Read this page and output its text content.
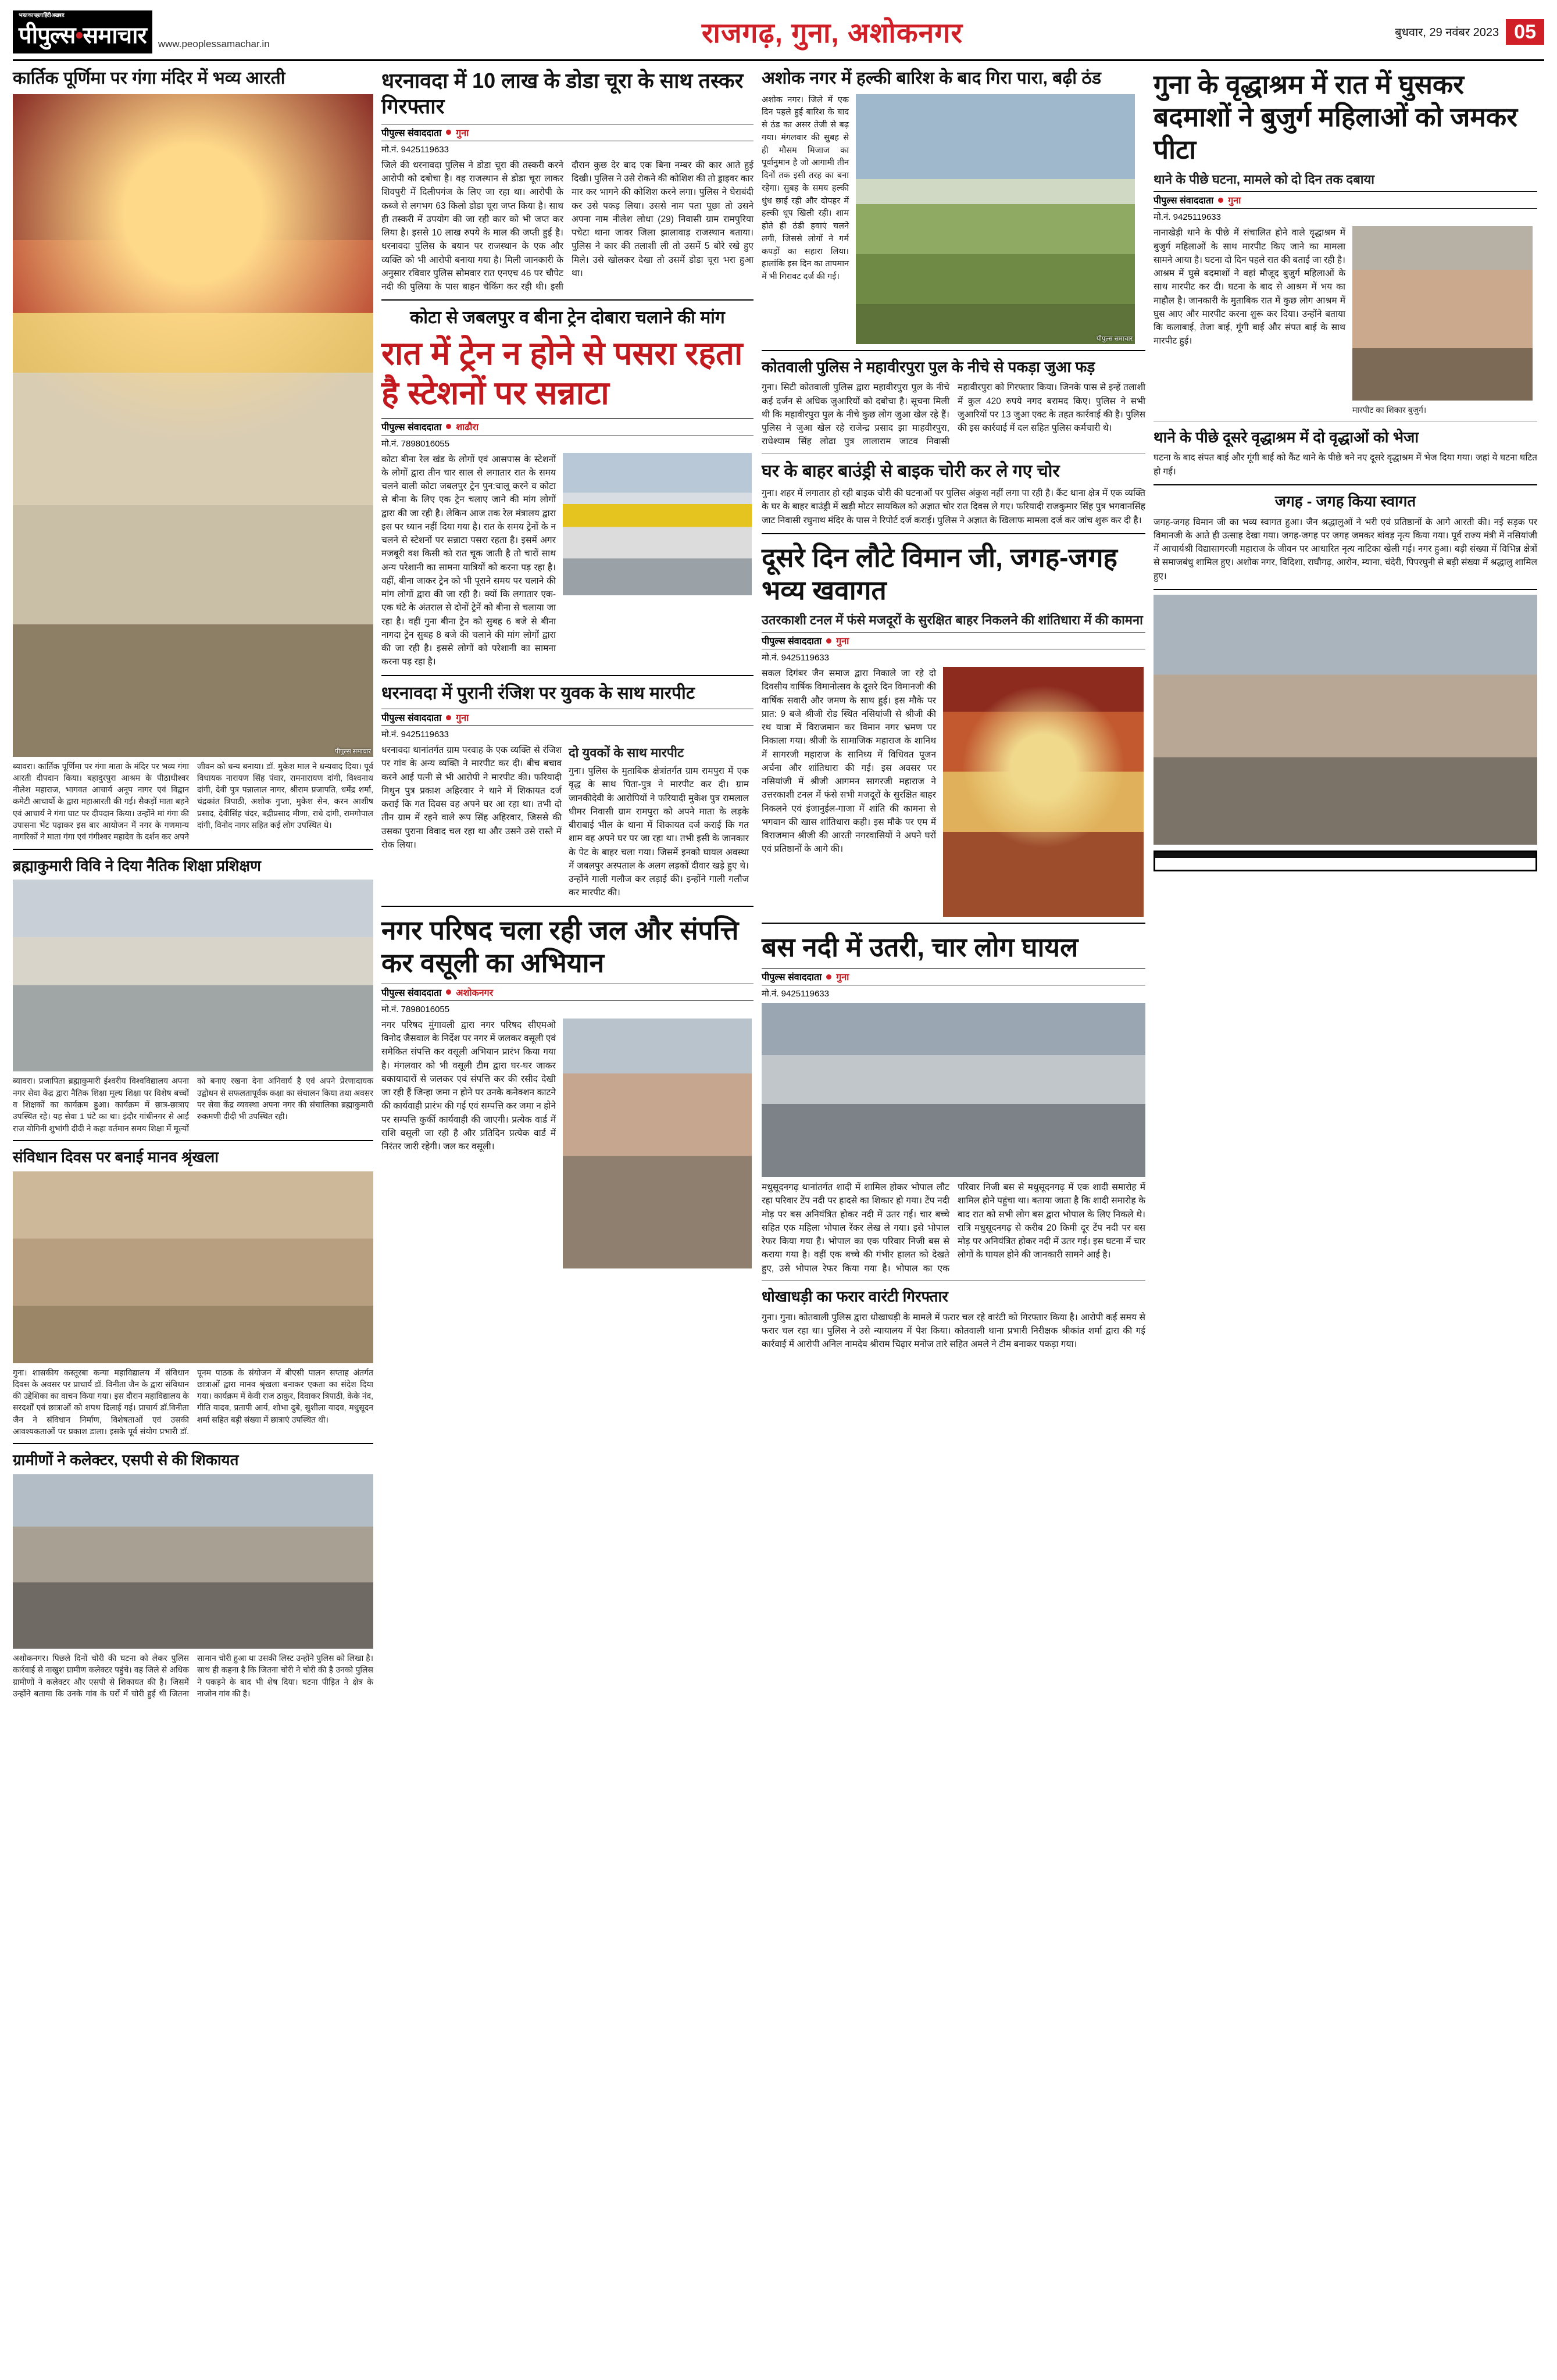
भारत का पहला हिंदी अखबार
पीपुल्स•समाचार www.peoplessamachar.in	राजगढ़, गुना, अशोकनगर	बुधवार, 29 नवंबर 2023 05
कार्तिक पूर्णिमा पर गंगा मंदिर में भव्य आरती
पीपुल्स समाचार
ब्यावरा। कार्तिक पूर्णिमा पर गंगा माता के मंदिर पर भव्य गंगा आरती दीपदान किया। बहादुरपुरा आश्रम के पीठाधीश्वर नीलेश महाराज, भागवत आचार्य अनूप नागर एवं विद्वान कमेटी आचार्यो के द्वारा महाआरती की गई। सैकड़ों माता बहने एवं आचार्य ने गंगा घाट पर दीपदान किया। उन्होंने मां गंगा की उपासना भेंट पढ़ाकर इस बार आयोजन में नगर के गणमान्य नागरिकों ने माता गंगा एवं गंगीश्वर महादेव के दर्शन कर अपने जीवन को धन्य बनाया। डॉ. मुकेश माल ने धन्यवाद दिया। पूर्व विधायक नारायण सिंह पंवार, रामनारायण दांगी, विश्वनाथ दांगी, देवी पुत्र पन्नालाल नागर, श्रीराम प्रजापति, धर्मेंद्र शर्मा, चंद्रकांत त्रिपाठी, अशोक गुप्ता, मुकेश सेन, करन आशीष प्रसाद, देवीसिंह चंदर, बद्रीप्रसाद मीणा, राधे दांगी, रामगोपाल दांगी, विनोद नागर सहित कई लोग उपस्थित थे।
ब्रह्माकुमारी विवि ने दिया नैतिक शिक्षा प्रशिक्षण
ब्यावरा। प्रजापिता ब्रह्माकुमारी ईश्वरीय विश्वविद्यालय अपना नगर सेवा केंद्र द्वारा नैतिक शिक्षा मूल्य शिक्षा पर विशेष बच्चों व शिक्षकों का कार्यक्रम हुआ। कार्यक्रम में छात्र-छात्राए उपस्थित रहे। यह सेवा 1 घंटे का था। इंदौर गांधीनगर से आई राज योगिनी शुभांगी दीदी ने कहा वर्तमान समय शिक्षा में मूल्यों को बनाए रखना देना अनिवार्य है एवं अपने प्रेरणादायक उद्बोधन से सफलतापूर्वक कक्षा का संचालन किया तथा अवसर पर सेवा केंद्र व्यवस्था अपना नगर की संचालिका ब्रह्माकुमारी रुकमणी दीदी भी उपस्थित रही।
संविधान दिवस पर बनाई मानव श्रृंखला
गुना। शासकीय कस्तूरबा कन्या महाविद्यालय में संविधान दिवस के अवसर पर प्राचार्य डॉ. विनीता जैन के द्वारा संविधान की उद्देशिका का वाचन किया गया। इस दौरान महाविद्यालय के सरदर्शों एवं छात्राओं को शपथ दिलाई गई। प्राचार्य डॉ.विनीता जैन ने संविधान निर्माण, विशेषताओं एवं उसकी आवश्यकताओं पर प्रकाश डाला। इसके पूर्व संयोग प्रभारी डॉ. पूनम पाठक के संयोजन में बीएसी पालन सप्ताह अंतर्गत छात्राओं द्वारा मानव श्रृंखला बनाकर एकता का संदेश दिया गया। कार्यक्रम में केवी राज ठाकुर, दिवाकर त्रिपाठी, केके नंद, गीति यादव, प्रतापी आर्य, शोभा दुबे, सुशीला यादव, मधुसूदन शर्मा सहित बड़ी संख्या में छात्राएं उपस्थित थी।
ग्रामीणों ने कलेक्टर, एसपी से की शिकायत
अशोकनगर। पिछले दिनों चोरी की घटना को लेकर पुलिस कार्रवाई से नाखुश ग्रामीण कलेक्टर पहुंचे। वह जिले से अधिक ग्रामीणों ने कलेक्टर और एसपी से शिकायत की है। जिसमें उन्होंने बताया कि उनके गांव के घरों में चोरी हुई थी जितना सामान चोरी हुआ था उसकी लिस्ट उन्होंने पुलिस को लिखा है। साथ ही कहना है कि जितना चोरी ने चोरी की है उनको पुलिस ने पकड़ने के बाद भी शेष दिया। घटना पीड़ित ने क्षेत्र के नाजोन गांव की है।
धरनावदा में 10 लाख के डोडा चूरा के साथ तस्कर गिरफ्तार
पीपुल्स संवाददाता गुना
मो.नं. 9425119633
जिले की धरनावदा पुलिस ने डोडा चूरा की तस्करी करने आरोपी को दबोचा है। वह राजस्थान से डोडा चूरा लाकर शिवपुरी में दिलीपगंज के लिए जा रहा था। आरोपी के कब्जे से लगभग 63 किलो डोडा चूरा जप्त किया है। साथ ही तस्करी में उपयोग की जा रही कार को भी जप्त कर लिया है। इससे 10 लाख रुपये के माल की जप्ती हुई है। धरनावदा पुलिस के बयान पर राजस्थान के एक और व्यक्ति को भी आरोपी बनाया गया है। मिली जानकारी के अनुसार रविवार पुलिस सोमवार रात एनएच 46 पर चौपेट नदी की पुलिया के पास बाहन चेकिंग कर रही थी। इसी दौरान कुछ देर बाद एक बिना नम्बर की कार आते हुई दिखी। पुलिस ने उसे रोकने की कोशिश की तो ड्राइवर कार मार कर भागने की कोशिश करने लगा। पुलिस ने घेराबंदी कर उसे पकड़ लिया। उससे नाम पता पूछा तो उसने अपना नाम नीलेश लोधा (29) निवासी ग्राम रामपुरिया पचेटा थाना जावर जिला झालावाड़ राजस्थान बताया। पुलिस ने कार की तलाशी ली तो उसमें 5 बोरे रखे हुए मिले। उसे खोलकर देखा तो उसमें डोडा चूरा भरा हुआ था।
कोटा से जबलपुर व बीना ट्रेन दोबारा चलाने की मांग
रात में ट्रेन न होने से पसरा रहता है स्टेशनों पर सन्नाटा
पीपुल्स संवाददाता शाढौरा
मो.नं. 7898016055
कोटा बीना रेल खंड के लोगों एवं आसपास के स्टेशनों के लोगों द्वारा तीन चार साल से लगातार रात के समय चलने वाली कोटा जबलपुर ट्रेन पुन:चालू करने व कोटा से बीना के लिए एक ट्रेन चलाए जाने की मांग लोगों द्वारा की जा रही है। लेकिन आज तक रेल मंत्रालय द्वारा इस पर ध्यान नहीं दिया गया है। रात के समय ट्रेनों के न चलने से स्टेशनों पर सन्नाटा पसरा रहता है। इसमें अगर मजबूरी वश किसी को रात चूक जाती है तो चारों साथ अन्य परेशानी का सामना यात्रियों को करना पड़ रहा है। वहीं, बीना जाकर ट्रेन को भी पूराने समय पर चलाने की मांग लोगों द्वारा की जा रही है। क्यों कि लगातार एक-एक घंटे के अंतराल से दोनों ट्रेनें को बीना से चलाया जा रहा है। वहीं गुना बीना ट्रेन को सुबह 6 बजे से बीना नागदा ट्रेन सुबह 8 बजे की चलाने की मांग लोगों द्वारा की जा रही है। इससे लोगों को परेशानी का सामना करना पड़ रहा है।
धरनावदा में पुरानी रंजिश पर युवक के साथ मारपीट
पीपुल्स संवाददाता गुना
मो.नं. 9425119633
धरनावदा थानांतर्गत ग्राम परवाह के एक व्यक्ति से रंजिश पर गांव के अन्य व्यक्ति ने मारपीट कर दी। बीच बचाव करने आई पत्नी से भी आरोपी ने मारपीट की। फरियादी मिथुन पुत्र प्रकाश अहिरवार ने थाने में शिकायत दर्ज कराई कि गत दिवस वह अपने घर आ रहा था। तभी दो तीन ग्राम में रहने वाले रूप सिंह अहिरवार, जिससे की उसका पुराना विवाद चल रहा था और उसने उसे रास्ते में रोक लिया।
दो युवकों के साथ मारपीट
गुना। पुलिस के मुताबिक क्षेत्रांतर्गत ग्राम रामपुरा में एक वृद्ध के साथ पिता-पुत्र ने मारपीट कर दी। ग्राम जानकीदेवी के आरोपियों ने फरियादी मुकेश पुत्र रामलाल धीमर निवासी ग्राम रामपुरा को अपने माता के लड़के बीराबाई भील के थाना में शिकायत दर्ज कराई कि गत शाम वह अपने घर पर जा रहा था। तभी इसी के जानकार के पेट के बाहर चला गया। जिसमें इनको घायल अवस्था में जबलपुर अस्पताल के अलग लड़कों दीवार खड़े हुए थे। उन्होंने गाली गलौज कर लड़ाई की। इन्होंने गाली गलौज कर मारपीट की।
नगर परिषद चला रही जल और संपत्ति कर वसूली का अभियान
पीपुल्स संवाददाता अशोकनगर
मो.नं. 7898016055
नगर परिषद मुंगावली द्वारा नगर परिषद सीएमओ विनोद जैसवाल के निर्देश पर नगर में जलकर वसूली एवं समेकित संपत्ति कर वसूली अभियान प्रारंभ किया गया है। मंगलवार को भी वसूली टीम द्वारा घर-घर जाकर बकायादारों से जलकर एवं संपत्ति कर की रसीद देखी जा रही हैं जिन्हा जमा न होने पर उनके कनेक्शन काटने की कार्यवाही प्रारंभ की गई एवं सम्पत्ति कर जमा न होने पर सम्पत्ति कुर्की कार्यवाही की जाएगी। प्रत्येक वार्ड में राशि वसूली जा रही है और प्रतिदिन प्रत्येक वार्ड में निरंतर जारी रहेगी। जल कर वसूली।
अशोक नगर में हल्की बारिश के बाद गिरा पारा, बढ़ी ठंड
अशोक नगर। जिले में एक दिन पहले हुई बारिश के बाद से ठंड का असर तेजी से बढ़ गया। मंगलवार की सुबह से ही मौसम मिजाज का पूर्वानुमान है जो आगामी तीन दिनों तक इसी तरह का बना रहेगा। सुबह के समय हल्की धुंध छाई रही और दोपहर में हल्की धूप खिली रही। शाम होते ही ठंडी हवाएं चलने लगी, जिससे लोगों ने गर्म कपड़ों का सहारा लिया। हालांकि इस दिन का तापमान में भी गिरावट दर्ज की गई।
पीपुल्स समाचार
कोतवाली पुलिस ने महावीरपुरा पुल के नीचे से पकड़ा जुआ फड़
गुना। सिटी कोतवाली पुलिस द्वारा महावीरपुरा पुल के नीचे कई दर्जन से अधिक जुआरियों को दबोचा है। सूचना मिली थी कि महावीरपुरा पुल के नीचे कुछ लोग जुआ खेल रहे हैं। पुलिस ने जुआ खेल रहे राजेन्द्र प्रसाद झा माहवीरपुरा, राधेश्याम सिंह लोढा पुत्र लालाराम जाटव निवासी महावीरपुरा को गिरफ्तार किया। जिनके पास से इन्हें तलाशी में कुल 420 रुपये नगद बरामद किए। पुलिस ने सभी जुआरियों पर 13 जुआ एक्ट के तहत कार्रवाई की है। पुलिस की इस कार्रवाई में दल सहित पुलिस कर्मचारी थे।
घर के बाहर बाउंड्री से बाइक चोरी कर ले गए चोर
गुना। शहर में लगातार हो रही बाइक चोरी की घटनाओं पर पुलिस अंकुश नहीं लगा पा रही है। कैंट थाना क्षेत्र में एक व्यक्ति के घर के बाहर बाउंड्री में खड़ी मोटर सायकिल को अज्ञात चोर रात दिवस ले गए। फरियादी राजकुमार सिंह पुत्र भगवानसिंह जाट निवासी रघुनाथ मंदिर के पास ने रिपोर्ट दर्ज कराई। पुलिस ने अज्ञात के खिलाफ मामला दर्ज कर जांच शुरू कर दी है।
दूसरे दिन लौटे विमान जी, जगह-जगह भव्य खवागत
उतरकाशी टनल में फंसे मजदूरों के सुरक्षित बाहर निकलने की शांतिधारा में की कामना
पीपुल्स संवाददाता गुना
मो.नं. 9425119633
सकल दिगंबर जैन समाज द्वारा निकाले जा रहे दो दिवसीय वार्षिक विमानोत्सव के दूसरे दिन विमानजी की वार्षिक सवारी और जमण के साथ हुई। इस मौके पर प्रात: 9 बजे श्रीजी रोड स्थित नसियांजी से श्रीजी की रथ यात्रा में विराजमान कर विमान नगर भ्रमण पर निकाला गया। श्रीजी के सामाजिक महाराज के शानिथ में सागरजी महाराज के सानिध्य में विधिवत पूजन अर्चना और शांतिधारा की गई। इस अवसर पर नसियांजी में श्रीजी आगमन सागरजी महाराज ने उत्तरकाशी टनल में फंसे सभी मजदूरों के सुरक्षित बाहर निकलने एवं इंजानुईल-गाजा में शांति की कामना से भगवान की खास शांतिधारा कही। इस मौके पर एम में विराजमान श्रीजी की आरती नगरवासियों ने अपने घरों एवं प्रतिष्ठानों के आगे की।
बस नदी में उतरी, चार लोग घायल
पीपुल्स संवाददाता गुना
मो.नं. 9425119633
मधुसूदनगढ़ थानांतर्गत शादी में शामिल होकर भोपाल लौट रहा परिवार टेंप नदी पर हादसे का शिकार हो गया। टेंप नदी मोड़ पर बस अनियंत्रित होकर नदी में उतर गई। चार बच्चे सहित एक महिला भोपाल रेंकर लेख ले गया। इसे भोपाल रेफर किया गया है। भोपाल का एक परिवार निजी बस से कराया गया है। वहीं एक बच्चे की गंभीर हालत को देखते हुए, उसे भोपाल रेफर किया गया है। भोपाल का एक परिवार निजी बस से मधुसूदनगढ़ में एक शादी समारोह में शामिल होने पहुंचा था। बताया जाता है कि शादी समारोह के बाद रात को सभी लोग बस द्वारा भोपाल के लिए निकले थे। रात्रि मधुसूदनगढ़ से करीब 20 किमी दूर टेंप नदी पर बस मोड़ पर अनियंत्रित होकर नदी में उतर गई। इस घटना में चार लोगों के घायल होने की जानकारी सामने आई है।
धोखाधड़ी का फरार वारंटी गिरफ्तार
गुना। गुना। कोतवाली पुलिस द्वारा धोखाधड़ी के मामले में फरार चल रहे वारंटी को गिरफ्तार किया है। आरोपी कई समय से फरार चल रहा था। पुलिस ने उसे न्यायालय में पेश किया। कोतवाली थाना प्रभारी निरीक्षक श्रीकांत शर्मा द्वारा की गई कार्रवाई में आरोपी अनिल नामदेव श्रीराम चिढ़ार मनोज तारे सहित अमले ने टीम बनाकर पकड़ा गया।
गुना के वृद्धाश्रम में रात में घुसकर बदमाशों ने बुजुर्ग महिलाओं को जमकर पीटा
थाने के पीछे घटना, मामले को दो दिन तक दबाया
पीपुल्स संवाददाता गुना
मो.नं. 9425119633
नानाखेड़ी थाने के पीछे में संचालित होने वाले वृद्धाश्रम में बुजुर्ग महिलाओं के साथ मारपीट किए जाने का मामला सामने आया है। घटना दो दिन पहले रात की बताई जा रही है। आश्रम में घुसे बदमाशों ने वहां मौजूद बुजुर्ग महिलाओं के साथ मारपीट कर दी। घटना के बाद से आश्रम में भय का माहौल है। जानकारी के मुताबिक रात में कुछ लोग आश्रम में घुस आए और मारपीट करना शुरू कर दिया। उन्होंने बताया कि कलाबाई, तेजा बाई, गूंगी बाई और संपत बाई के साथ मारपीट हुई।
मारपीट का शिकार बुजुर्ग।
थाने के पीछे दूसरे वृद्धाश्रम में दो वृद्धाओं को भेजा
घटना के बाद संपत बाई और गूंगी बाई को कैंट थाने के पीछे बने नए दूसरे वृद्धाश्रम में भेज दिया गया। जहां ये घटना घटित हो गई।
जगह - जगह किया स्वागत
जगह-जगह विमान जी का भव्य स्वागत हुआ। जैन श्रद्धालुओं ने भरी एवं प्रतिष्ठानों के आगे आरती की। नई सड़क पर विमानजी के आते ही उत्साह देखा गया। जगह-जगह पर जगह जमकर बांवड़ नृत्य किया गया। पूर्व राज्य मंत्री में नसियांजी में आचार्यश्री विद्यासागरजी महाराज के जीवन पर आधारित नृत्य नाटिका खेली गई। नगर हुआ। बड़ी संख्या में विभिन्न क्षेत्रों से समाजबंधु शामिल हुए। अशोक नगर, विदिशा, राघौगढ़, आरोन, म्याना, चंदेरी, पिपरघुनी से बड़ी संख्या में श्रद्धालु शामिल हुए।
